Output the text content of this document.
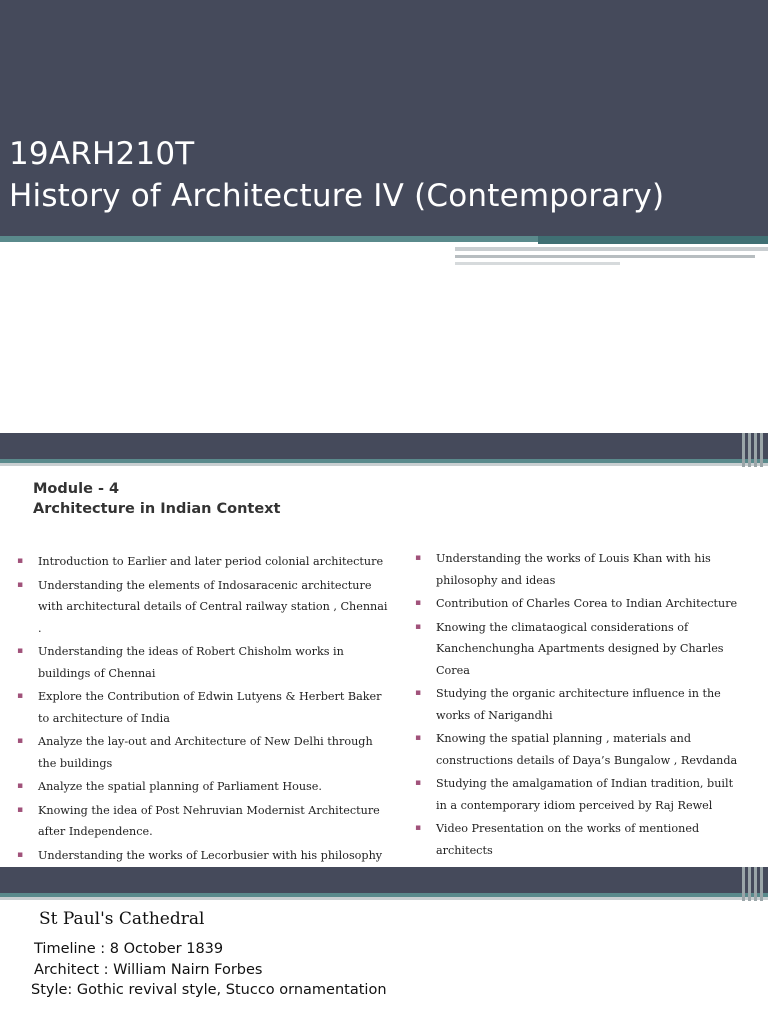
19ARH210T
History of Architecture IV (Contemporary)
Module - 4
Architecture in Indian Context
▪ Introduction to Earlier and later period colonial architecture
▪ Understanding the elements of Indosaracenic architecture with architectural details of Central railway station , Chennai .
▪ Understanding the ideas of Robert Chisholm works in buildings of Chennai
▪ Explore the Contribution of Edwin Lutyens & Herbert Baker to architecture of India
▪ Analyze the lay-out and Architecture of New Delhi through the buildings
▪ Analyze the spatial planning of Parliament House.
▪ Knowing the idea of Post Nehruvian Modernist Architecture after Independence.
▪ Understanding the works of Lecorbusier with his philosophy
▪ Understanding the works of Louis Khan with his philosophy and ideas
▪ Contribution of Charles Corea to Indian Architecture
▪ Knowing the climataogical considerations of Kanchenchungha Apartments designed by Charles Corea
▪ Studying the organic architecture influence in the works of Narigandhi
▪ Knowing the spatial planning , materials and constructions details of Daya’s Bungalow , Revdanda
▪ Studying the amalgamation of Indian tradition, built in a contemporary idiom perceived by Raj Rewel
▪ Video Presentation on the works of mentioned architects
St Paul's Cathedral
Timeline : 8 October 1839
Architect : William Nairn Forbes
Style: Gothic revival style, Stucco ornamentation
